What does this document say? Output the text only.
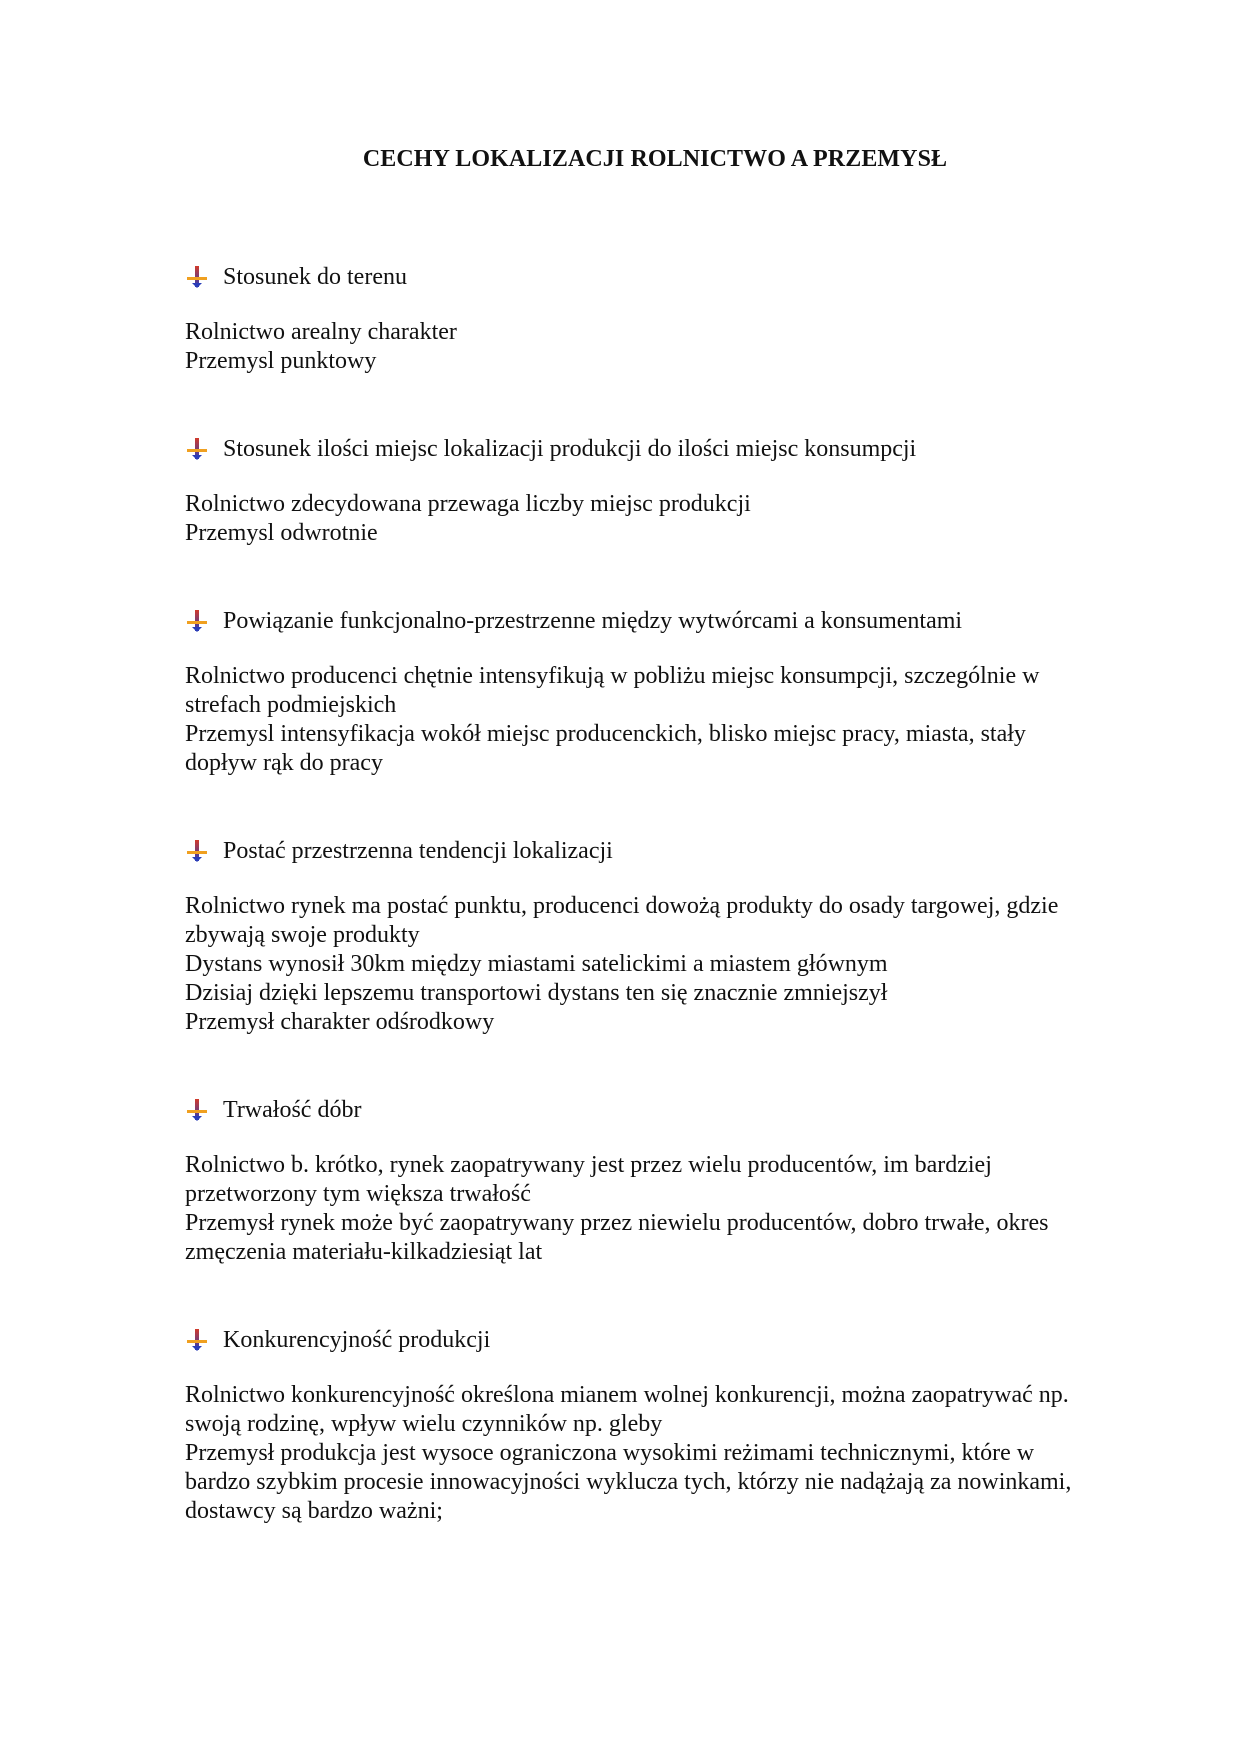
CECHY LOKALIZACJI ROLNICTWO A PRZEMYSŁ
Stosunek do terenu

Rolnictwo arealny charakter

Przemysl punktowy

Stosunek ilości miejsc lokalizacji produkcji do ilości miejsc konsumpcji

Rolnictwo zdecydowana przewaga liczby miejsc produkcji

Przemysl odwrotnie

Powiązanie funkcjonalno-przestrzenne między wytwórcami a konsumentami

Rolnictwo producenci chętnie intensyfikują w pobliżu miejsc konsumpcji, szczególnie w strefach podmiejskich

Przemysl intensyfikacja wokół miejsc producenckich, blisko miejsc pracy, miasta, stały dopływ rąk do pracy

Postać przestrzenna tendencji lokalizacji

Rolnictwo rynek ma postać punktu, producenci dowożą produkty do osady targowej, gdzie zbywają swoje produkty

Dystans wynosił 30km między miastami satelickimi a miastem głównym

Dzisiaj dzięki lepszemu transportowi dystans ten się znacznie zmniejszył

Przemysł charakter odśrodkowy

Trwałość dóbr

Rolnictwo b. krótko, rynek zaopatrywany jest przez wielu producentów, im bardziej przetworzony tym większa trwałość

Przemysł rynek może być zaopatrywany przez niewielu producentów, dobro trwałe, okres zmęczenia materiału-kilkadziesiąt lat

Konkurencyjność produkcji

Rolnictwo konkurencyjność określona mianem wolnej konkurencji, można zaopatrywać np. swoją rodzinę, wpływ wielu czynników np. gleby

Przemysł produkcja jest wysoce ograniczona wysokimi reżimami technicznymi, które w bardzo szybkim procesie innowacyjności wyklucza tych, którzy nie nadążają za nowinkami, dostawcy są bardzo ważni;
